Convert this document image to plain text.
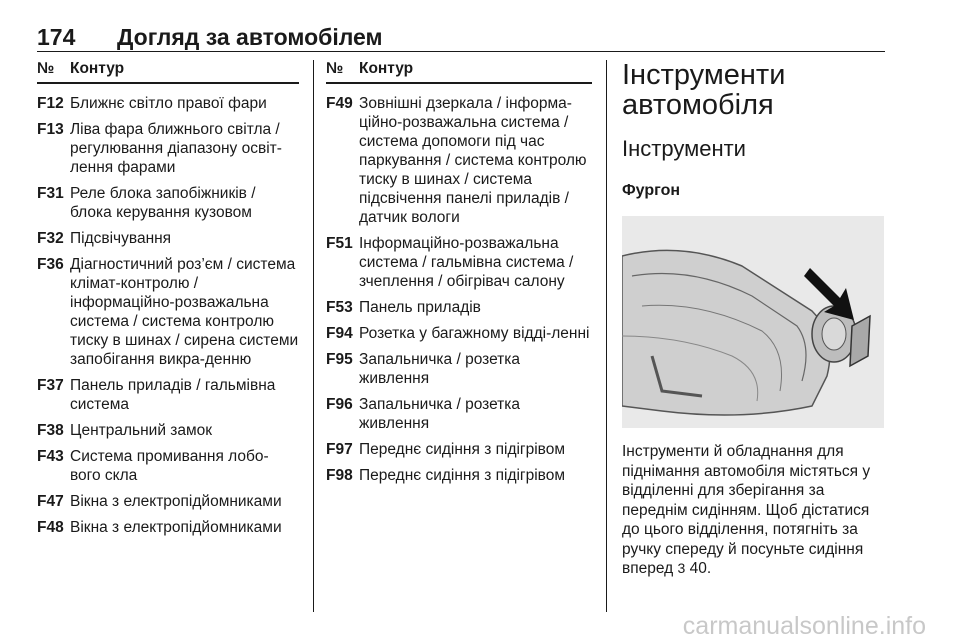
174 Догляд за автомобілем
№	Контур
F12 Ближнє світло правої фари
F13 Ліва фара ближнього світла / регулювання діапазону освіт-лення фарами
F31 Реле блока запобіжників / блока керування кузовом
F32 Підсвічування
F36 Діагностичний роз’єм / система клімат-контролю / інформаційно-розважальна система / система контролю тиску в шинах / сирена системи запобігання викра-денню
F37 Панель приладів / гальмівна система
F38 Центральний замок
F43 Система промивання лобо-вого скла
F47 Вікна з електропідйомниками
F48 Вікна з електропідйомниками
№	Контур
F49 Зовнішні дзеркала / інформа-ційно-розважальна система / система допомоги під час паркування / система контролю тиску в шинах / система підсвічення панелі приладів / датчик вологи
F51 Інформаційно-розважальна система / гальмівна система / зчеплення / обігрівач салону
F53 Панель приладів
F94 Розетка у багажному відді-ленні
F95 Запальничка / розетка живлення
F96 Запальничка / розетка живлення
F97 Переднє сидіння з підігрівом
F98 Переднє сидіння з підігрівом
Інструменти автомобіля
Інструменти
Фургон
Інструменти й обладнання для піднімання автомобіля містяться у відділенні для зберігання за переднім сидінням. Щоб дістатися до цього відділення, потягніть за ручку спереду й посуньте сидіння вперед 3 40.
carmanualsonline.info
